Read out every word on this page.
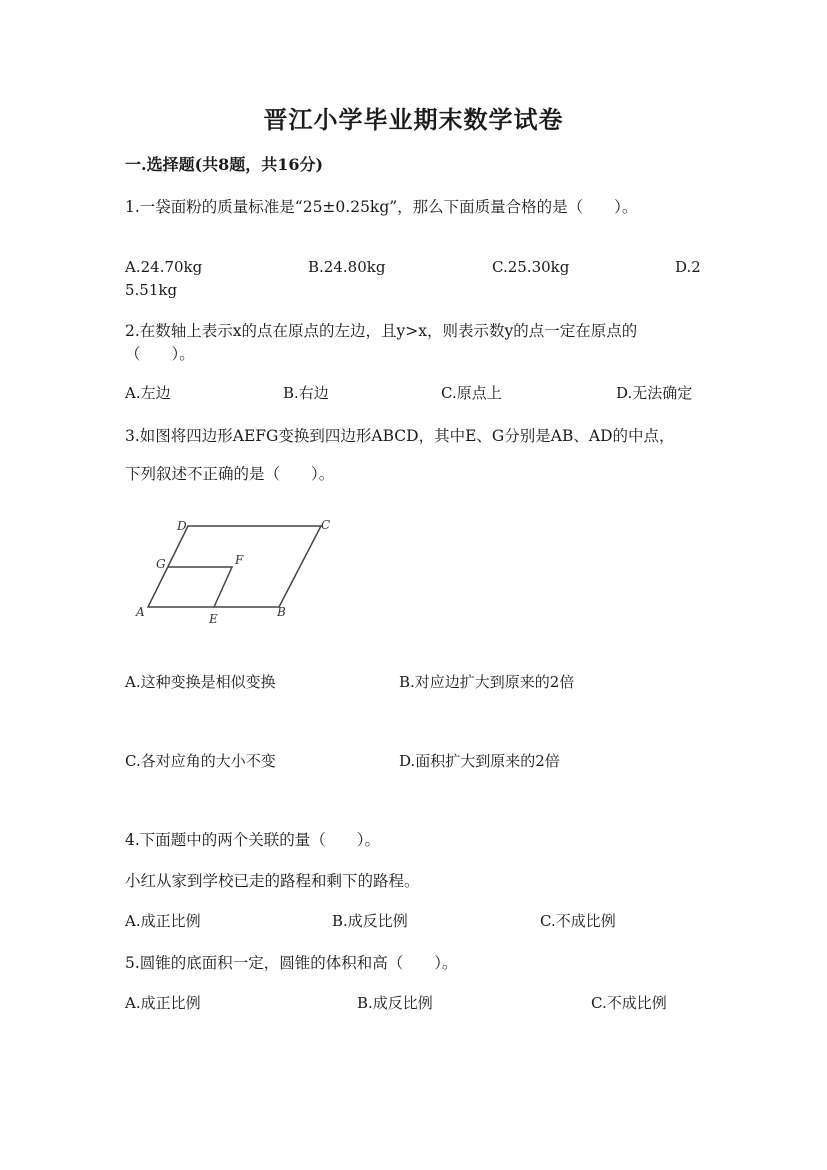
晋江小学毕业期末数学试卷
一.选择题(共8题，共16分)
1.一袋面粉的质量标准是“25±0.25kg”，那么下面质量合格的是（　　）。
A.24.70kg	B.24.80kg	C.25.30kg	D.2
5.51kg
2.在数轴上表示x的点在原点的左边，且y>x，则表示数y的点一定在原点的
（　　）。
A.左边	B.右边	C.原点上	D.无法确定
3.如图将四边形AEFG变换到四边形ABCD，其中E、G分别是AB、AD的中点，
下列叙述不正确的是（　　）。
A	B
C
D
E
F
G
A.这种变换是相似变换	B.对应边扩大到原来的2倍
C.各对应角的大小不变	D.面积扩大到原来的2倍
4.下面题中的两个关联的量（　　）。
小红从家到学校已走的路程和剩下的路程。
A.成正比例	B.成反比例	C.不成比例
5.圆锥的底面积一定，圆锥的体积和高（　　）。
A.成正比例	B.成反比例	C.不成比例
